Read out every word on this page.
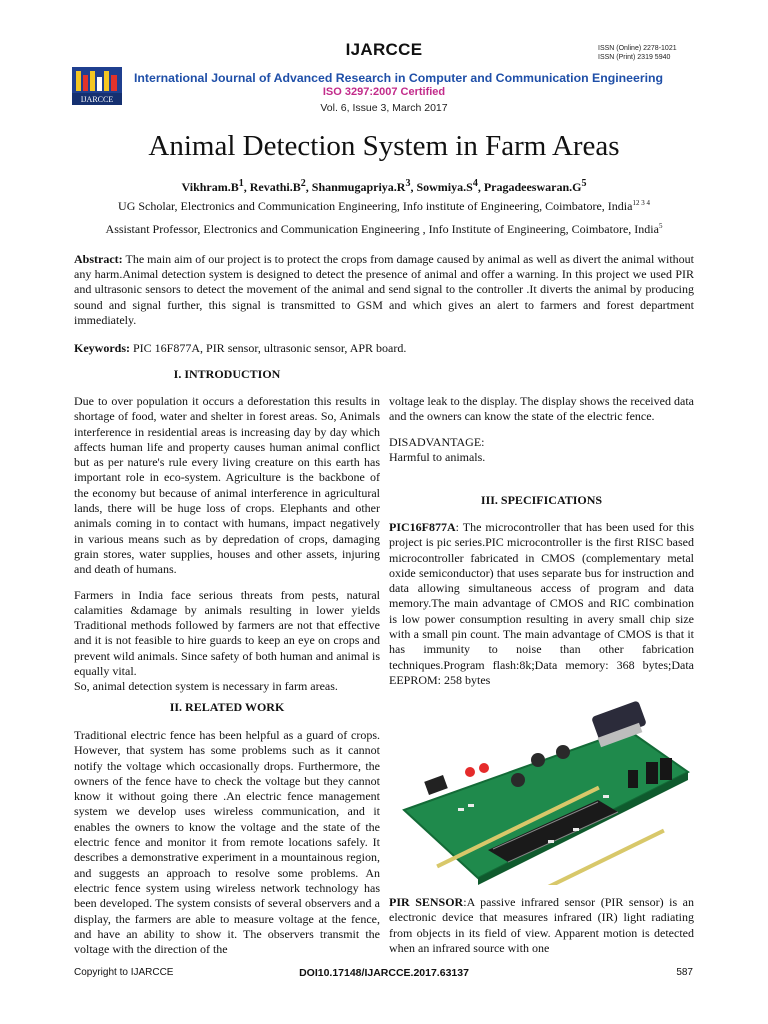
IJARCCE	ISSN (Online) 2278-1021
ISSN (Print) 2319 5940
IJARCCE
International Journal of Advanced Research in Computer and Communication Engineering
ISO 3297:2007 Certified
Vol. 6, Issue 3, March 2017
Animal Detection System in Farm Areas
$Vikhram.B^1$, $Revathi.B^2$, $Shanmugapriya.R^3$, $Sowmiya.S^4$, $Pragadeeswaran.G^5$
UG Scholar, Electronics and Communication Engineering, Info institute of Engineering, Coimbatore, India$^{12 3 4}$
Assistant Professor, Electronics and Communication Engineering , Info Institute of Engineering, Coimbatore, India$^5$
Abstract: The main aim of our project is to protect the crops from damage caused by animal as well as divert the animal without any harm.Animal detection system is designed to detect the presence of animal and offer a warning. In this project we used PIR and ultrasonic sensors to detect the movement of the animal and send signal to the controller .It diverts the animal by producing sound and signal further, this signal is transmitted to GSM and which gives an alert to farmers and forest department immediately.
Keywords: PIC 16F877A, PIR sensor, ultrasonic sensor, APR board.
I. INTRODUCTION

Due to over population it occurs a deforestation this results in shortage of food, water and shelter in forest areas. So, Animals interference in residential areas is increasing day by day which affects human life and property causes human animal conflict but as per nature's rule every living creature on this earth has important role in eco-system. Agriculture is the backbone of the economy but because of animal interference in agricultural lands, there will be huge loss of crops. Elephants and other animals coming in to contact with humans, impact negatively in various means such as by depredation of crops, damaging grain stores, water supplies, houses and other assets, injuring and death of humans.

Farmers in India face serious threats from pests, natural calamities &damage by animals resulting in lower yields Traditional methods followed by farmers are not that effective and it is not feasible to hire guards to keep an eye on crops and prevent wild animals. Since safety of both human and animal is equally vital.

So, animal detection system is necessary in farm areas.

II. RELATED WORK

Traditional electric fence has been helpful as a guard of crops. However, that system has some problems such as it cannot notify the voltage which occasionally drops. Furthermore, the owners of the fence have to check the voltage but they cannot know it without going there .An electric fence management system we develop uses wireless communication, and it enables the owners to know the voltage and the state of the electric fence and monitor it from remote locations safely. It describes a demonstrative experiment in a mountainous region, and suggests an approach to resolve some problems. An electric fence system using wireless network technology has been developed. The system consists of several observers and a display, the farmers are able to measure voltage at the fence, and have an ability to show it. The observers transmit the voltage with the direction of the

voltage leak to the display. The display shows the received data and the owners can know the state of the electric fence.

DISADVANTAGE:
Harmful to animals.
III. SPECIFICATIONS
PIC16F877A: The microcontroller that has been used for this project is pic series.PIC microcontroller is the first RISC based microcontroller fabricated in CMOS (complementary metal oxide semiconductor) that uses separate bus for instruction and data allowing simultaneous access of program and data memory.The main advantage of CMOS and RIC combination is low power consumption resulting in avery small chip size with a small pin count. The main advantage of CMOS is that it has immunity to noise than other fabrication techniques.Program flash:8k;Data memory: 368 bytes;Data EEPROM: 258 bytes
PIR SENSOR:A passive infrared sensor (PIR sensor) is an electronic device that measures infrared (IR) light radiating from objects in its field of view. Apparent motion is detected when an infrared source with one
Copyright to IJARCCE	DOI10.17148/IJARCCE.2017.63137	587
